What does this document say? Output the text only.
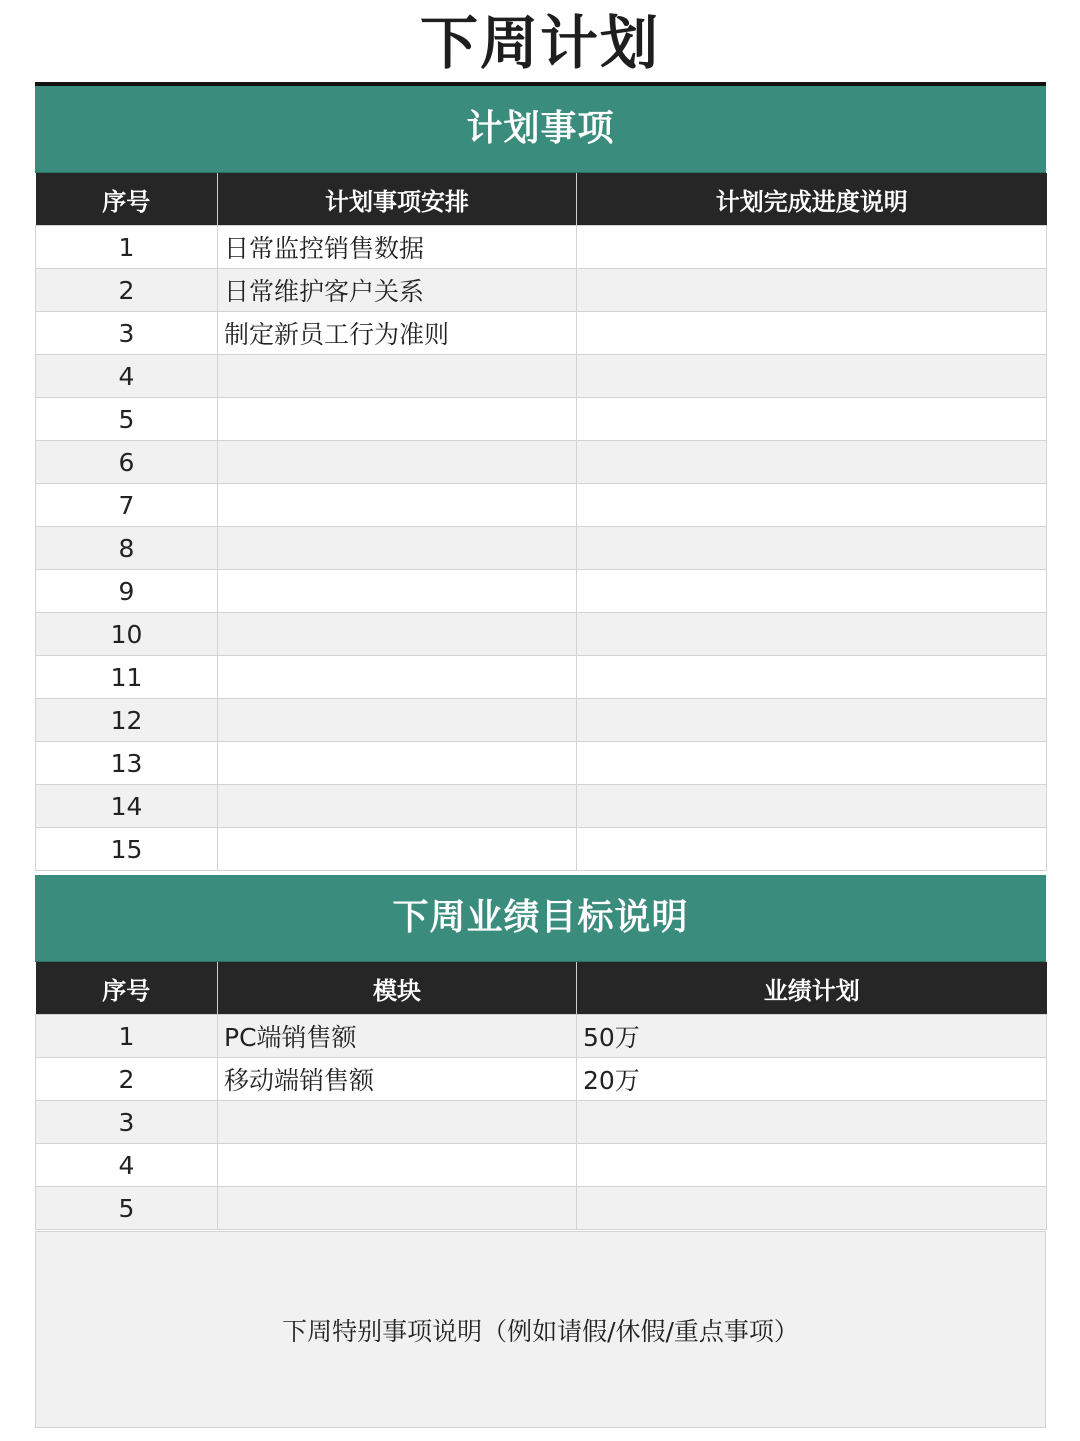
下周计划
计划事项
序号	计划事项安排	计划完成进度说明
1	日常监控销售数据	
2	日常维护客户关系	
3	制定新员工行为准则	
4		
5		
6		
7		
8		
9		
10		
11		
12		
13		
14		
15		
下周业绩目标说明
序号	模块	业绩计划
1	PC端销售额	50万
2	移动端销售额	20万
3		
4		
5		
下周特别事项说明（例如请假/休假/重点事项）
